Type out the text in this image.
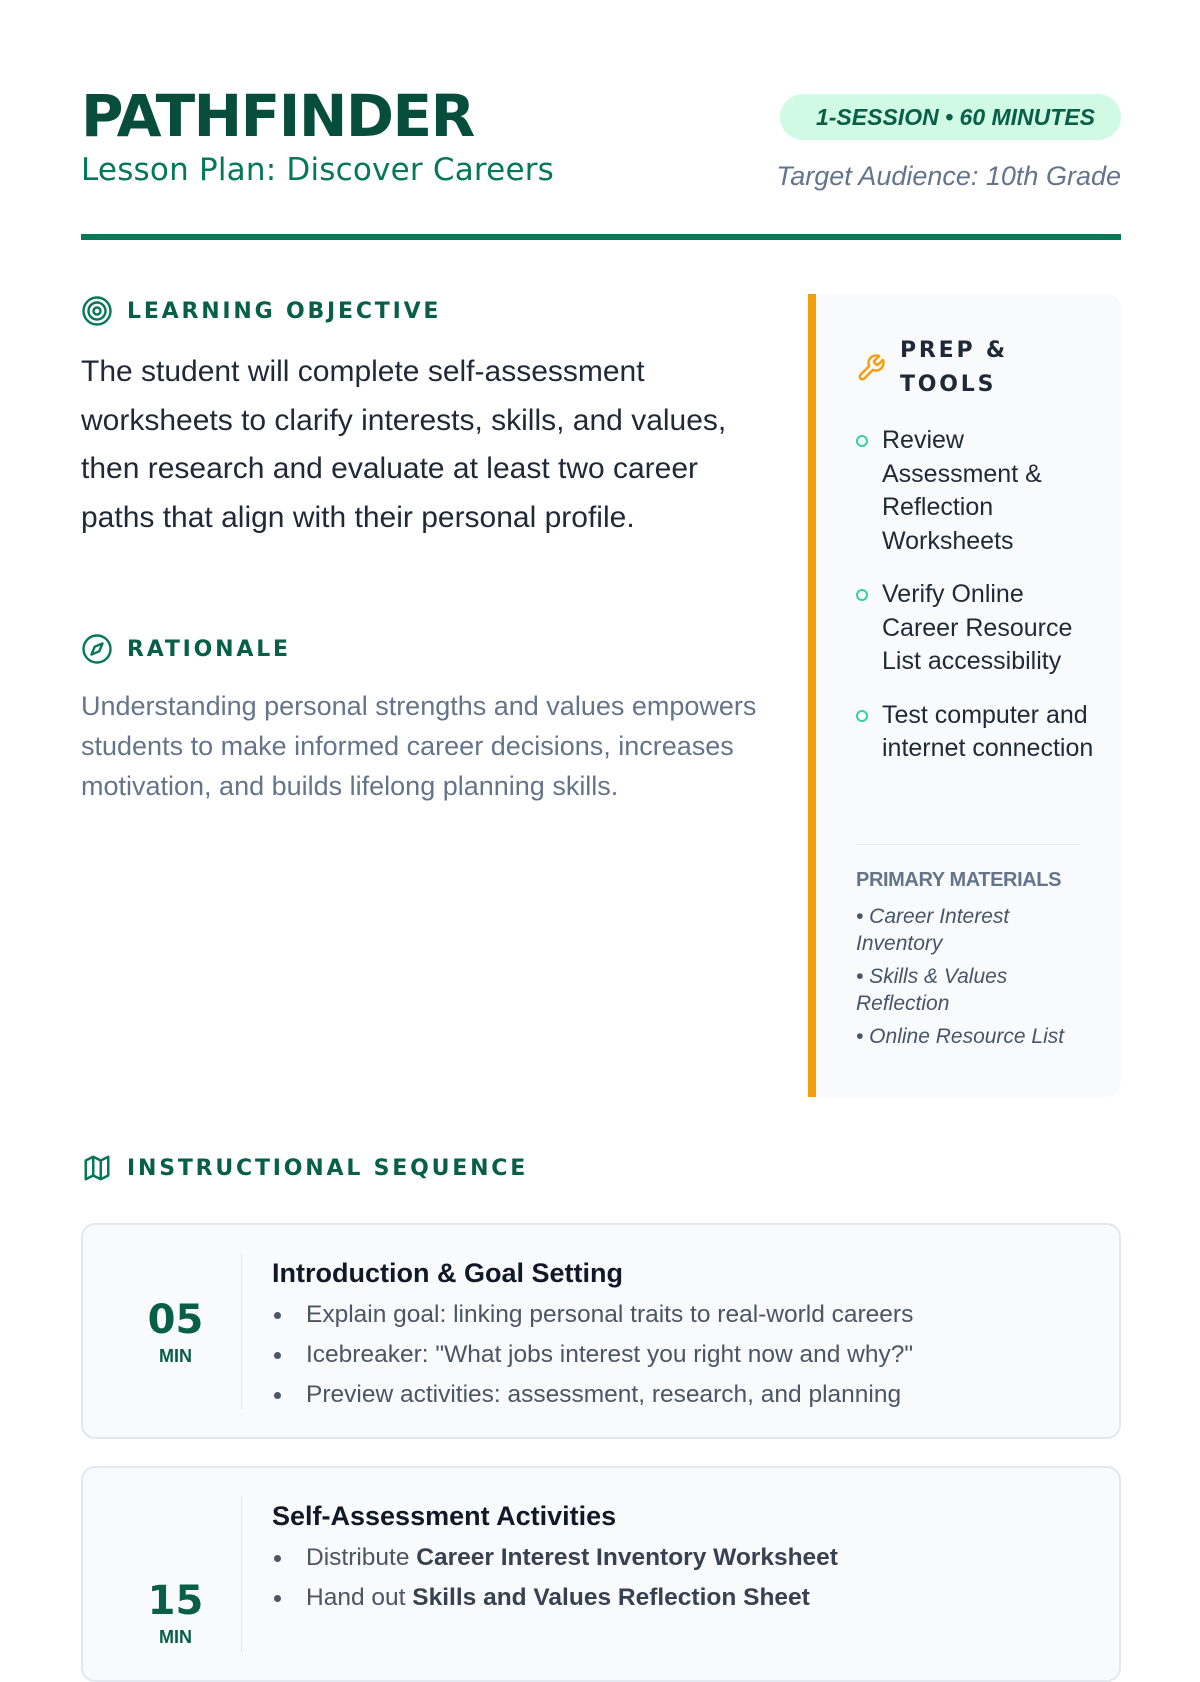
PATHFINDER
Lesson Plan: Discover Careers
1-SESSION • 60 MINUTES
Target Audience: 10th Grade
LEARNING OBJECTIVE

The student will complete self-assessment worksheets to clarify interests, skills, and values, then research and evaluate at least two career paths that align with their personal profile.

RATIONALE

Understanding personal strengths and values empowers students to make informed career decisions, increases motivation, and builds lifelong planning skills.

PREP & TOOLS
Review Assessment & Reflection Worksheets
Verify Online Career Resource List accessibility
Test computer and internet connection
PRIMARY MATERIALS
• Career Interest Inventory
• Skills & Values Reflection
• Online Resource List
INSTRUCTIONAL SEQUENCE
05
MIN
Introduction & Goal Setting
Explain goal: linking personal traits to real-world careers
Icebreaker: "What jobs interest you right now and why?"
Preview activities: assessment, research, and planning
15
MIN
Self-Assessment Activities
Distribute Career Interest Inventory Worksheet
Hand out Skills and Values Reflection Sheet
